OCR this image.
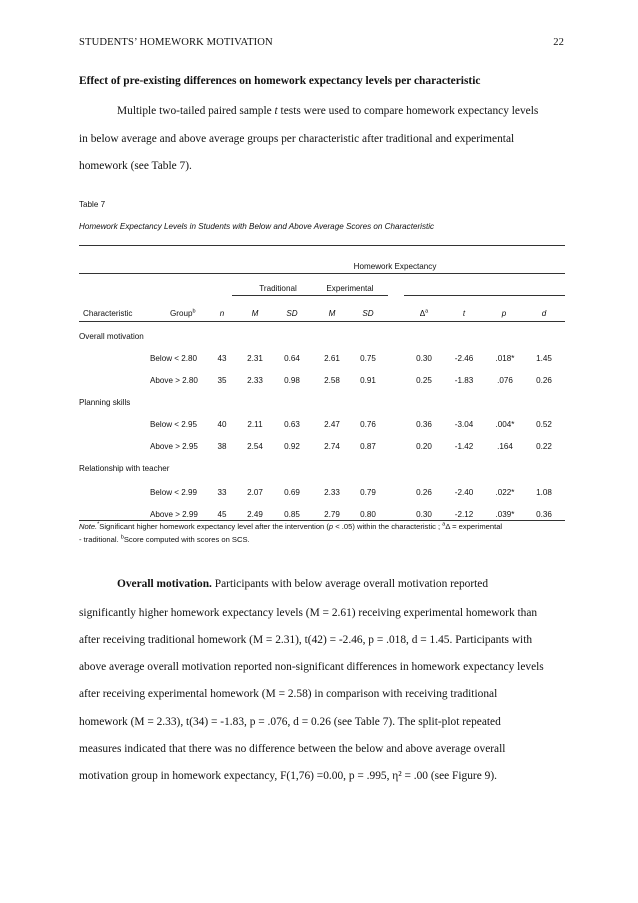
STUDENTS’ HOMEWORK MOTIVATION	22
Effect of pre-existing differences on homework expectancy levels per characteristic
Multiple two-tailed paired sample t tests were used to compare homework expectancy levels
in below average and above average groups per characteristic after traditional and experimental
homework (see Table 7).
Table 7
Homework Expectancy Levels in Students with Below and Above Average Scores on Characteristic
Homework Expectancy
Traditional	Experimental
Characteristic	Group$^b$	n	M	SD	M	SD	$\Delta^a$	t	p	d
Overall motivation
Below < 2.80	43	2.31	0.64	2.61	0.75	0.30	-2.46	.018*	1.45
Above > 2.80	35	2.33	0.98	2.58	0.91	0.25	-1.83	.076	0.26
Planning skills
Below < 2.95	40	2.11	0.63	2.47	0.76	0.36	-3.04	.004*	0.52
Above > 2.95	38	2.54	0.92	2.74	0.87	0.20	-1.42	.164	0.22
Relationship with teacher
Below < 2.99	33	2.07	0.69	2.33	0.79	0.26	-2.40	.022*	1.08
Above > 2.99	45	2.49	0.85	2.79	0.80	0.30	-2.12	.039*	0.36
Note.*Significant higher homework expectancy level after the intervention (p < .05) within the characteristic ; $^a$Δ = experimental
- traditional. $^b$Score computed with scores on SCS.
Overall motivation. Participants with below average overall motivation reported
significantly higher homework expectancy levels (M = 2.61) receiving experimental homework than
after receiving traditional homework (M = 2.31), t(42) = -2.46, p = .018, d = 1.45. Participants with
above average overall motivation reported non-significant differences in homework expectancy levels
after receiving experimental homework (M = 2.58) in comparison with receiving traditional
homework (M = 2.33), t(34) = -1.83, p = .076, d = 0.26 (see Table 7). The split-plot repeated
measures indicated that there was no difference between the below and above average overall
motivation group in homework expectancy, F(1,76) =0.00, p = .995, η² = .00 (see Figure 9).
